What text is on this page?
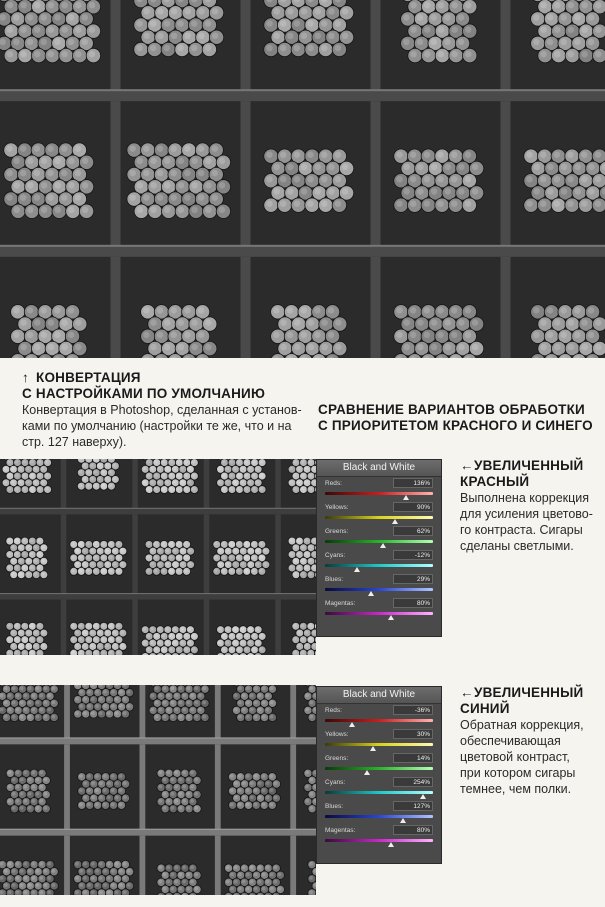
↑ КОНВЕРТАЦИЯ
С НАСТРОЙКАМИ ПО УМОЛЧАНИЮ
Конвертация в Photoshop, сделанная с установ-
ками по умолчанию (настройки те же, что и на
стр. 127 наверху).
СРАВНЕНИЕ ВАРИАНТОВ ОБРАБОТКИ
С ПРИОРИТЕТОМ КРАСНОГО И СИНЕГО
Black and White
Reds:	136%
Yellows:	90%
Greens:	62%
Cyans:	-12%
Blues:	29%
Magentas:	80%
←УВЕЛИЧЕННЫЙ
КРАСНЫЙ
Выполнена коррекция
для усиления цветово-
го контраста. Сигары
сделаны светлыми.
Black and White
Reds:	-36%
Yellows:	30%
Greens:	14%
Cyans:	254%
Blues:	127%
Magentas:	80%
←УВЕЛИЧЕННЫЙ
СИНИЙ
Обратная коррекция,
обеспечивающая
цветовой контраст,
при котором сигары
темнее, чем полки.
